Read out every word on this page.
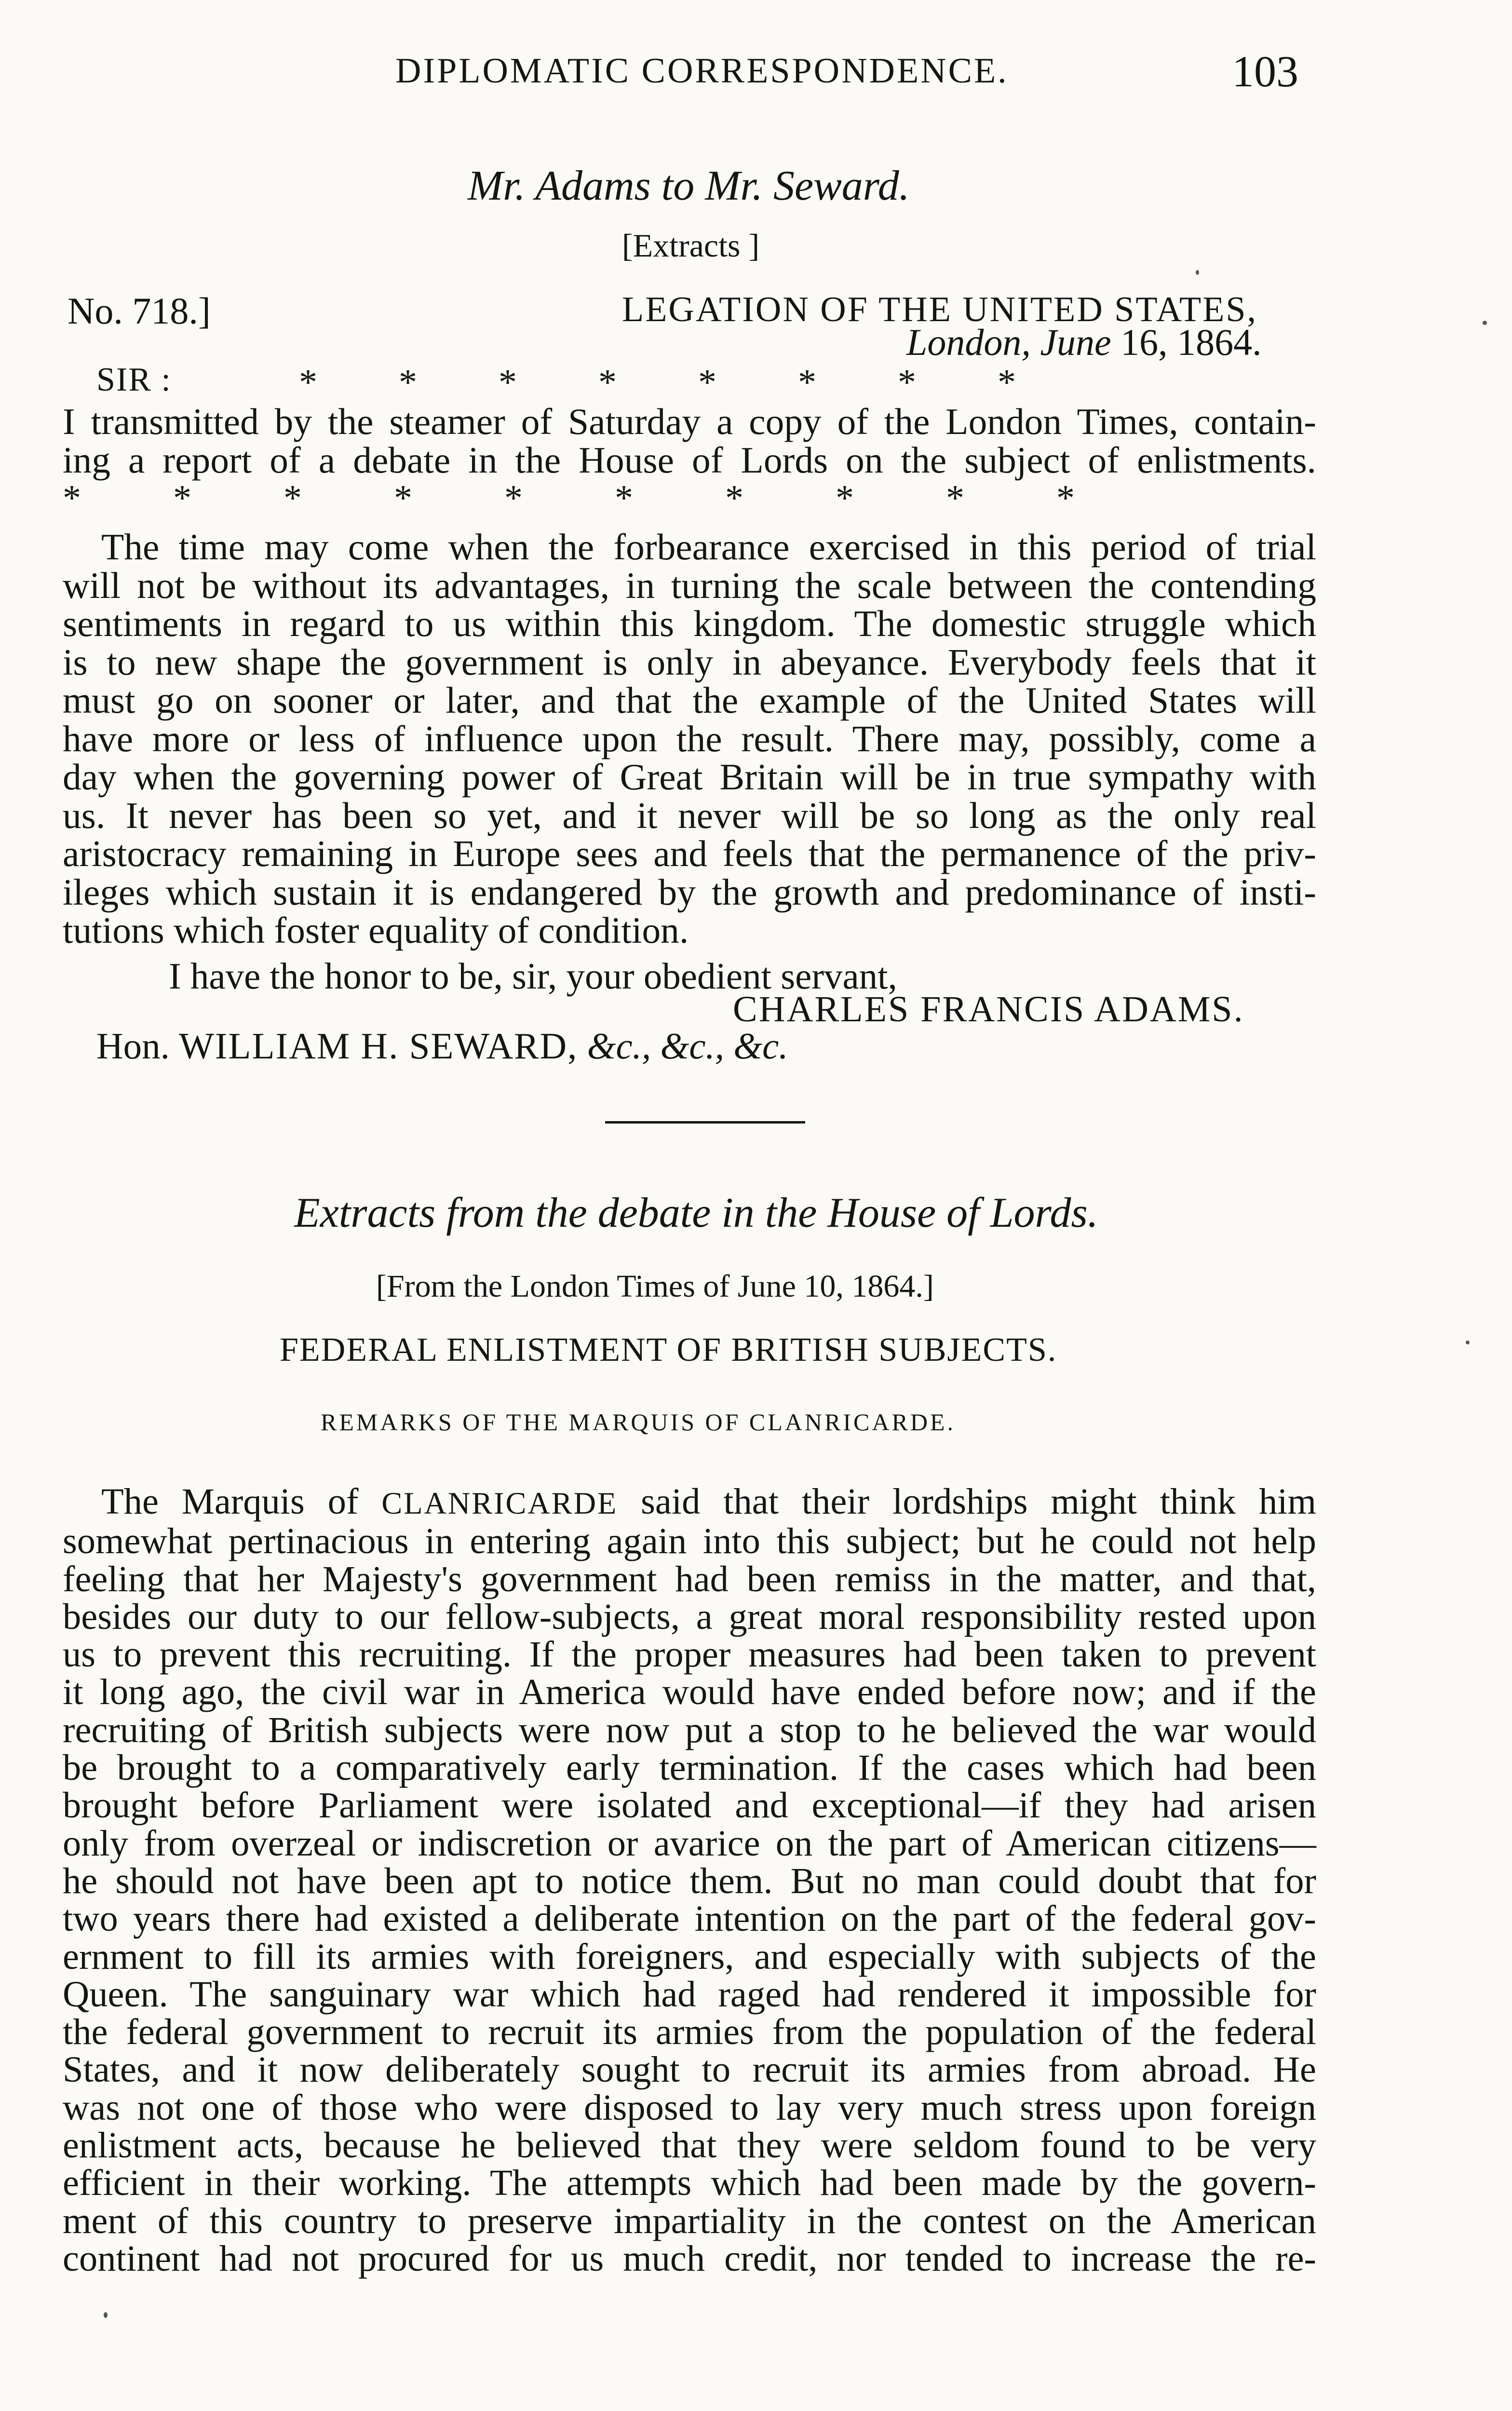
DIPLOMATIC CORRESPONDENCE.	103
Mr. Adams to Mr. Seward.
[Extracts ]
No. 718.]	LEGATION OF THE UNITED STATES,
London, June 16, 1864.
SIR :	* * * * * * * *

I transmitted by the steamer of Saturday a copy of the London Times, contain-

ing a report of a debate in the House of Lords on the subject of enlistments.

* * * * * * * * * *

The time may come when the forbearance exercised in this period of trial

will not be without its advantages, in turning the scale between the contending

sentiments in regard to us within this kingdom. The domestic struggle which

is to new shape the government is only in abeyance. Everybody feels that it

must go on sooner or later, and that the example of the United States will

have more or less of influence upon the result. There may, possibly, come a

day when the governing power of Great Britain will be in true sympathy with

us. It never has been so yet, and it never will be so long as the only real

aristocracy remaining in Europe sees and feels that the permanence of the priv-

ileges which sustain it is endangered by the growth and predominance of insti-

tutions which foster equality of condition.

I have the honor to be, sir, your obedient servant,
CHARLES FRANCIS ADAMS.
Hon. WILLIAM H. SEWARD, &c., &c., &c.
Extracts from the debate in the House of Lords.
[From the London Times of June 10, 1864.]
FEDERAL ENLISTMENT OF BRITISH SUBJECTS.
REMARKS OF THE MARQUIS OF CLANRICARDE.

The Marquis of CLANRICARDE said that their lordships might think him

somewhat pertinacious in entering again into this subject; but he could not help

feeling that her Majesty's government had been remiss in the matter, and that,

besides our duty to our fellow-subjects, a great moral responsibility rested upon

us to prevent this recruiting. If the proper measures had been taken to prevent

it long ago, the civil war in America would have ended before now; and if the

recruiting of British subjects were now put a stop to he believed the war would

be brought to a comparatively early termination. If the cases which had been

brought before Parliament were isolated and exceptional—if they had arisen

only from overzeal or indiscretion or avarice on the part of American citizens—

he should not have been apt to notice them. But no man could doubt that for

two years there had existed a deliberate intention on the part of the federal gov-

ernment to fill its armies with foreigners, and especially with subjects of the

Queen. The sanguinary war which had raged had rendered it impossible for

the federal government to recruit its armies from the population of the federal

States, and it now deliberately sought to recruit its armies from abroad. He

was not one of those who were disposed to lay very much stress upon foreign

enlistment acts, because he believed that they were seldom found to be very

efficient in their working. The attempts which had been made by the govern-

ment of this country to preserve impartiality in the contest on the American

continent had not procured for us much credit, nor tended to increase the re-
